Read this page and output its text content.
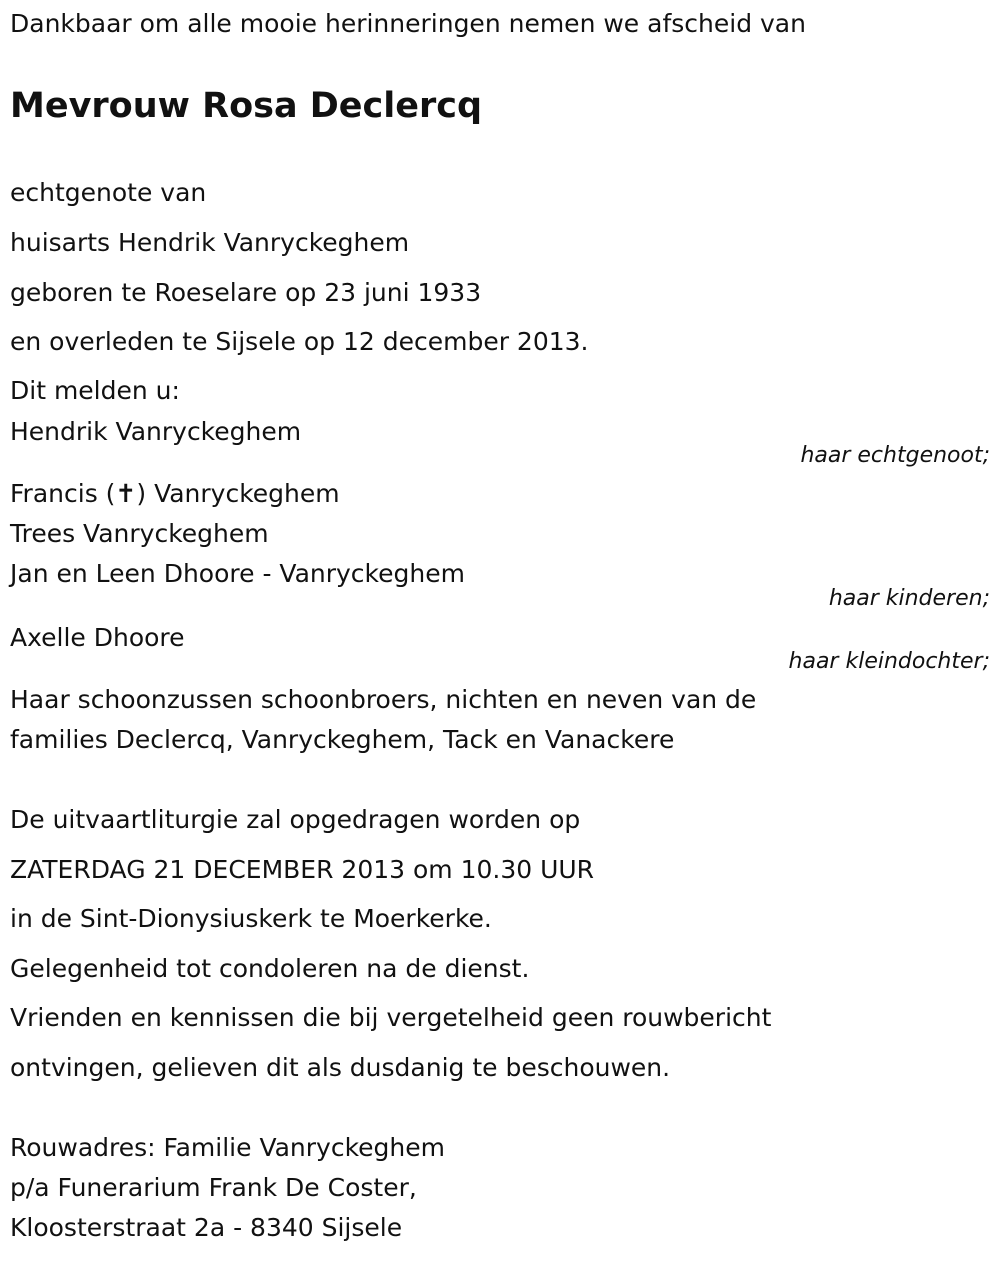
Dankbaar om alle mooie herinneringen nemen we afscheid van
Mevrouw Rosa Declercq
echtgenote van
huisarts Hendrik Vanryckeghem
geboren te Roeselare op 23 juni 1933
en overleden te Sijsele op 12 december 2013.
Dit melden u:
Hendrik Vanryckeghem
haar echtgenoot;
Francis (✝) Vanryckeghem
Trees Vanryckeghem
Jan en Leen Dhoore - Vanryckeghem
haar kinderen;
Axelle Dhoore
haar kleindochter;
Haar schoonzussen schoonbroers, nichten en neven van de
families Declercq, Vanryckeghem, Tack en Vanackere
De uitvaartliturgie zal opgedragen worden op
ZATERDAG 21 DECEMBER 2013 om 10.30 UUR
in de Sint-Dionysiuskerk te Moerkerke.
Gelegenheid tot condoleren na de dienst.
Vrienden en kennissen die bij vergetelheid geen rouwbericht
ontvingen, gelieven dit als dusdanig te beschouwen.
Rouwadres: Familie Vanryckeghem
p/a Funerarium Frank De Coster,
Kloosterstraat 2a - 8340 Sijsele
